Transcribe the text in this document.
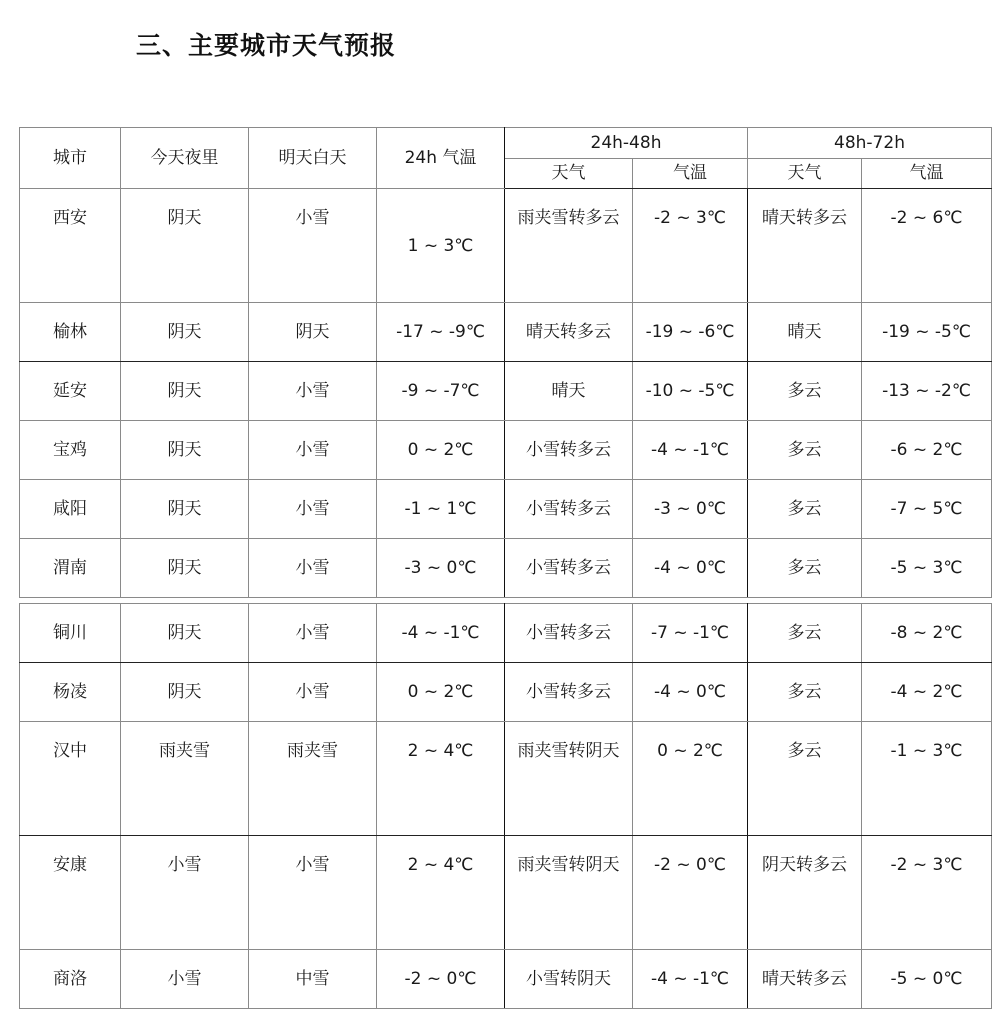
三、主要城市天气预报
城市	今天夜里	明天白天	24h 气温	24h-48h		48h-72h	
				天气	气温	天气	气温
西安	阴天	小雪	1 ~ 3℃	雨夹雪转多云	-2 ~ 3℃	晴天转多云	-2 ~ 6℃
榆林	阴天	阴天	-17 ~ -9℃	晴天转多云	-19 ~ -6℃	晴天	-19 ~ -5℃
延安	阴天	小雪	-9 ~ -7℃	晴天	-10 ~ -5℃	多云	-13 ~ -2℃
宝鸡	阴天	小雪	0 ~ 2℃	小雪转多云	-4 ~ -1℃	多云	-6 ~ 2℃
咸阳	阴天	小雪	-1 ~ 1℃	小雪转多云	-3 ~ 0℃	多云	-7 ~ 5℃
渭南	阴天	小雪	-3 ~ 0℃	小雪转多云	-4 ~ 0℃	多云	-5 ~ 3℃
铜川	阴天	小雪	-4 ~ -1℃	小雪转多云	-7 ~ -1℃	多云	-8 ~ 2℃
杨凌	阴天	小雪	0 ~ 2℃	小雪转多云	-4 ~ 0℃	多云	-4 ~ 2℃
汉中	雨夹雪	雨夹雪	2 ~ 4℃	雨夹雪转阴天	0 ~ 2℃	多云	-1 ~ 3℃
安康	小雪	小雪	2 ~ 4℃	雨夹雪转阴天	-2 ~ 0℃	阴天转多云	-2 ~ 3℃
商洛	小雪	中雪	-2 ~ 0℃	小雪转阴天	-4 ~ -1℃	晴天转多云	-5 ~ 0℃
